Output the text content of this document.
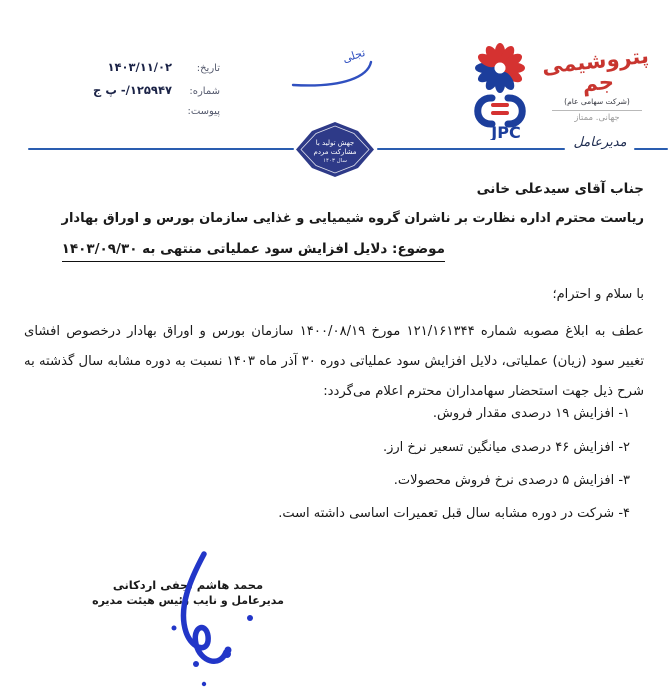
تاریخ:
۱۴۰۳/۱۱/۰۲
شماره:
۱۲۵۹۴۷/- پ ج
پیوست:
JPC
پتروشیمی جم
(شرکت سهامی عام)
جهانی. ممتاز
تجلی
جهش تولید با مشارکت مردم
سال ۱۴۰۳
مدیرعامل
جناب آقای سیدعلی خانی
ریاست محترم اداره نظارت بر ناشران گروه شیمیایی و غذایی سازمان بورس و اوراق بهادار
موضوع: دلایل افزایش سود عملیاتی منتهی به ۱۴۰۳/۰۹/۳۰
با سلام و احترام؛
عطف به ابلاغ مصوبه شماره ۱۲۱/۱۶۱۳۴۴ مورخ ۱۴۰۰/۰۸/۱۹ سازمان بورس و اوراق بهادار درخصوص افشای تغییر سود (زیان) عملیاتی، دلایل افزایش سود عملیاتی دوره ۳۰ آذر ماه ۱۴۰۳ نسبت به دوره مشابه سال گذشته به شرح ذیل جهت استحضار سهامداران محترم اعلام می‌گردد:
۱- افزایش ۱۹ درصدی مقدار فروش.
۲- افزایش ۴۶ درصدی میانگین تسعیر نرخ ارز.
۳- افزایش ۵ درصدی نرخ فروش محصولات.
۴- شرکت در دوره مشابه سال قبل تعمیرات اساسی داشته است.
محمد هاشم نجفی اردکانی
مدیرعامل و نایب رئیس هیئت مدیره
